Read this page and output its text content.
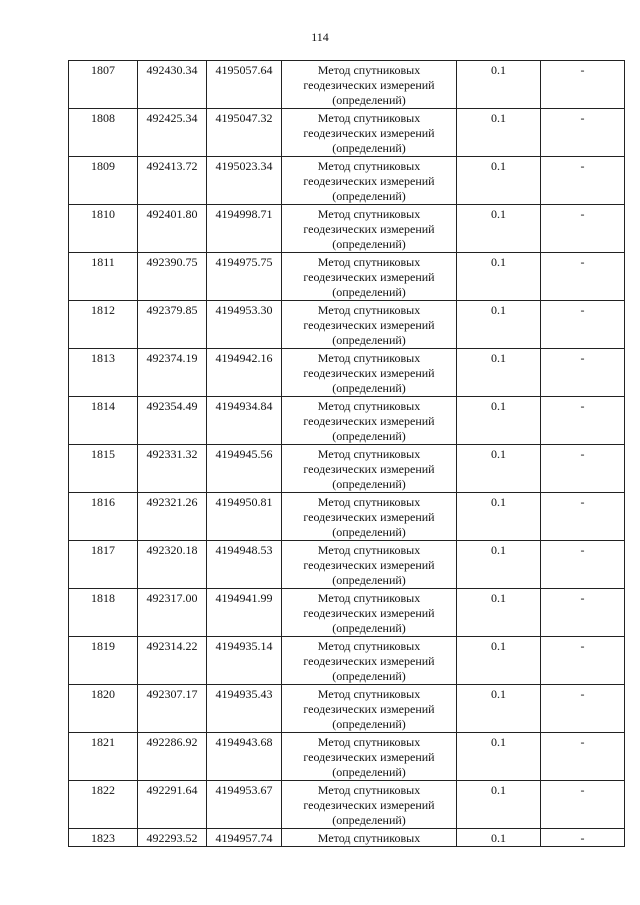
114
1807	492430.34	4195057.64	Метод спутниковых
геодезических измерений
(определений)	0.1	-
1808	492425.34	4195047.32	Метод спутниковых
геодезических измерений
(определений)	0.1	-
1809	492413.72	4195023.34	Метод спутниковых
геодезических измерений
(определений)	0.1	-
1810	492401.80	4194998.71	Метод спутниковых
геодезических измерений
(определений)	0.1	-
1811	492390.75	4194975.75	Метод спутниковых
геодезических измерений
(определений)	0.1	-
1812	492379.85	4194953.30	Метод спутниковых
геодезических измерений
(определений)	0.1	-
1813	492374.19	4194942.16	Метод спутниковых
геодезических измерений
(определений)	0.1	-
1814	492354.49	4194934.84	Метод спутниковых
геодезических измерений
(определений)	0.1	-
1815	492331.32	4194945.56	Метод спутниковых
геодезических измерений
(определений)	0.1	-
1816	492321.26	4194950.81	Метод спутниковых
геодезических измерений
(определений)	0.1	-
1817	492320.18	4194948.53	Метод спутниковых
геодезических измерений
(определений)	0.1	-
1818	492317.00	4194941.99	Метод спутниковых
геодезических измерений
(определений)	0.1	-
1819	492314.22	4194935.14	Метод спутниковых
геодезических измерений
(определений)	0.1	-
1820	492307.17	4194935.43	Метод спутниковых
геодезических измерений
(определений)	0.1	-
1821	492286.92	4194943.68	Метод спутниковых
геодезических измерений
(определений)	0.1	-
1822	492291.64	4194953.67	Метод спутниковых
геодезических измерений
(определений)	0.1	-
1823	492293.52	4194957.74	Метод спутниковых	0.1	-
